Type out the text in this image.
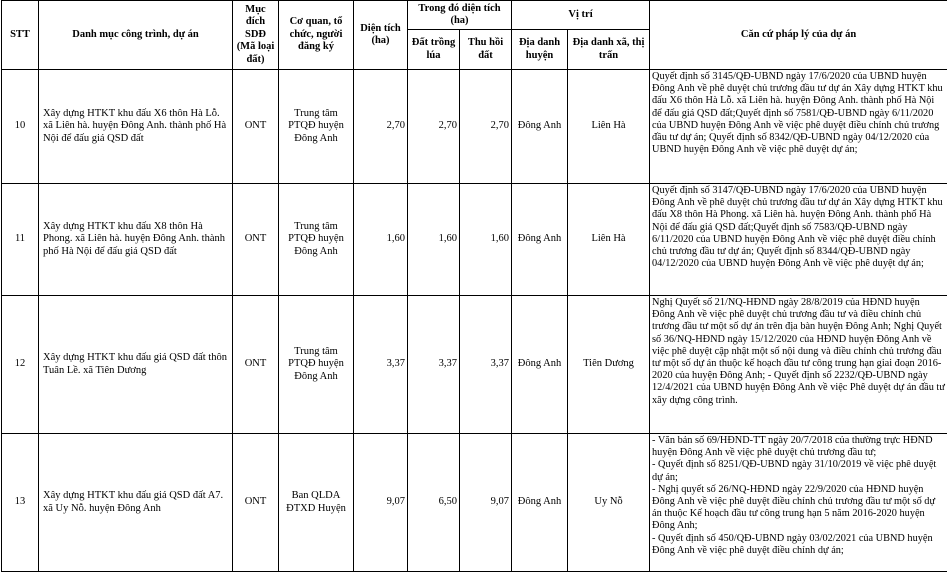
STT	Danh mục công trình, dự án	Mục đích SDĐ (Mã loại đất)	Cơ quan, tổ chức, người đăng ký	Diện tích (ha)	Trong đó diện tích (ha)		Vị trí		Căn cứ pháp lý của dự án
					Đất trồng lúa	Thu hồi đất	Địa danh huyện	Địa danh xã, thị trấn	
10	Xây dựng HTKT khu đấu X6 thôn Hà Lỗ. xã Liên hà. huyện Đông Anh. thành phố Hà Nội để đấu giá QSD đất	ONT	Trung tâm PTQĐ huyện Đông Anh	2,70	2,70	2,70	Đông Anh	Liên Hà	Quyết định số 3145/QĐ-UBND ngày 17/6/2020 của UBND huyện Đông Anh về phê duyệt chủ trương đầu tư dự án Xây dựng HTKT khu đấu X6 thôn Hà Lỗ. xã Liên hà. huyện Đông Anh. thành phố Hà Nội để đấu giá QSD đất;Quyết định số 7581/QĐ-UBND ngày 6/11/2020 của UBND huyện Đông Anh về việc phê duyệt điều chỉnh chủ trương đầu tư dự án; Quyết định số 8342/QĐ-UBND ngày 04/12/2020 của UBND huyện Đông Anh về việc phê duyệt dự án;

11	Xây dựng HTKT khu đấu X8 thôn Hà Phong. xã Liên hà. huyện Đông Anh. thành phố Hà Nội để đấu giá QSD đất	ONT	Trung tâm PTQĐ huyện Đông Anh	1,60	1,60	1,60	Đông Anh	Liên Hà	Quyết định số 3147/QĐ-UBND ngày 17/6/2020 của UBND huyện Đông Anh về phê duyệt chủ trương đầu tư dự án Xây dựng HTKT khu đấu X8 thôn Hà Phong. xã Liên hà. huyện Đông Anh. thành phố Hà Nội để đấu giá QSD đất;Quyết định số 7583/QĐ-UBND ngày 6/11/2020 của UBND huyện Đông Anh về việc phê duyệt điều chỉnh chủ trương đầu tư dự án; Quyết định số 8344/QĐ-UBND ngày 04/12/2020 của UBND huyện Đông Anh về việc phê duyệt dự án;

12	Xây dựng HTKT khu đấu giá QSD đất thôn Tuân Lề. xã Tiên Dương	ONT	Trung tâm PTQĐ huyện Đông Anh	3,37	3,37	3,37	Đông Anh	Tiên Dương	Nghị Quyết số 21/NQ-HĐND ngày 28/8/2019 của HĐND huyện Đông Anh về việc phê duyệt chủ trương đầu tư và điều chỉnh chủ trương đầu tư một số dự án trên địa bàn huyện Đông Anh; Nghị Quyết số 36/NQ-HĐND ngày 15/12/2020 của HĐND huyện Đông Anh về việc phê duyệt cập nhật một số nội dung và điều chỉnh chủ trương đầu tư một số dự án thuộc kế hoạch đầu tư công trung hạn giai đoạn 2016-2020 của huyện Đông Anh; - Quyết định số 2232/QĐ-UBND ngày 12/4/2021 của UBND huyện Đông Anh về việc Phê duyệt dự án đầu tư xây dựng công trình.

13	Xây dựng HTKT khu đấu giá QSD đất A7. xã Uy Nỗ. huyện Đông Anh	ONT	Ban QLDA ĐTXD Huyện	9,07	6,50	9,07	Đông Anh	Uy Nỗ	- Văn bản số 69/HĐND-TT ngày 20/7/2018 của thường trực HĐND huyện Đông Anh về việc phê duyệt chủ trương đầu tư;
- Quyết định số 8251/QĐ-UBND ngày 31/10/2019 về việc phê duyệt dự án;
- Nghị quyết số 26/NQ-HĐND ngày 22/9/2020 của HĐND huyện Đông Anh về việc phê duyệt điều chỉnh chủ trương đầu tư một số dự án thuộc Kế hoạch đầu tư công trung hạn 5 năm 2016-2020 huyện Đông Anh;
- Quyết định số 450/QĐ-UBND ngày 03/02/2021 của UBND huyện Đông Anh về việc phê duyệt điều chỉnh dự án;
